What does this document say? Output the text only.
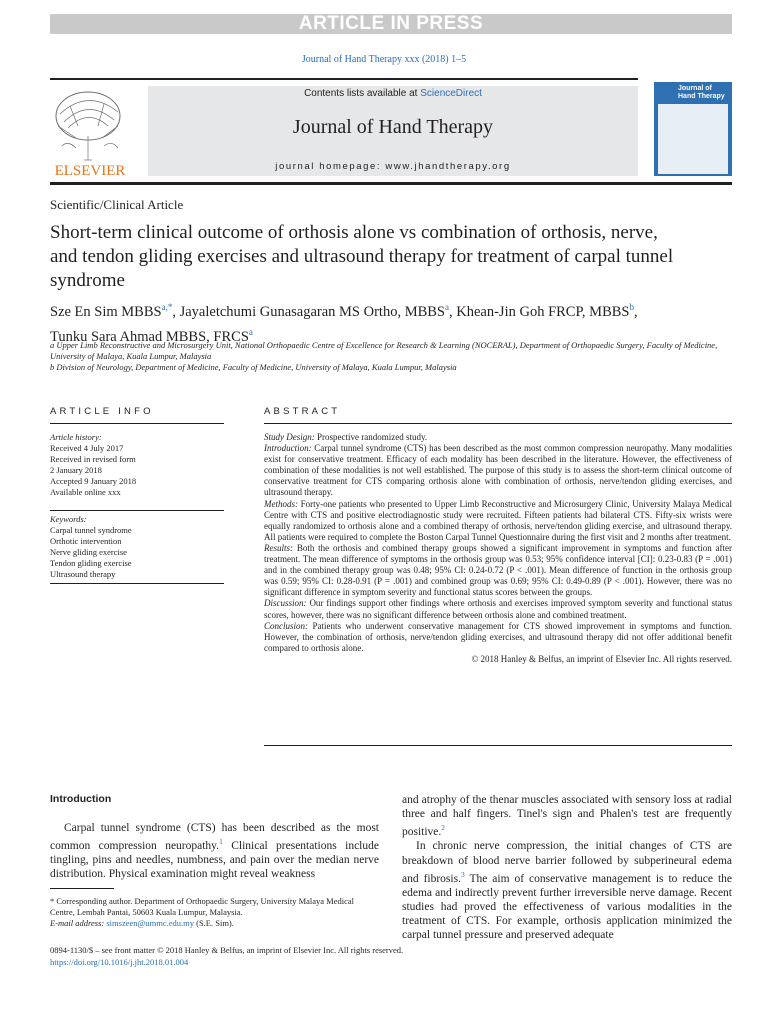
ARTICLE IN PRESS
Journal of Hand Therapy xxx (2018) 1–5
ELSEVIER
Contents lists available at ScienceDirect
Journal of Hand Therapy
journal homepage: www.jhandtherapy.org
Journal of
Hand Therapy
Scientific/Clinical Article
Short-term clinical outcome of orthosis alone vs combination of orthosis, nerve, and tendon gliding exercises and ultrasound therapy for treatment of carpal tunnel syndrome
Sze En Sim $MBBS^{a,*}$, Jayaletchumi Gunasagaran MS Ortho, MBBS$^a$, Khean-Jin Goh FRCP, MBBS$^b$,
Tunku Sara Ahmad MBBS, FRCS$^a$

a Upper Limb Reconstructive and Microsurgery Unit, National Orthopaedic Centre of Excellence for Research & Learning (NOCERAL), Department of Orthopaedic Surgery, Faculty of Medicine, University of Malaya, Kuala Lumpur, Malaysia

b Division of Neurology, Department of Medicine, Faculty of Medicine, University of Malaya, Kuala Lumpur, Malaysia

ARTICLE INFO	ABSTRACT
Article history:
Received 4 July 2017
Received in revised form
2 January 2018
Accepted 9 January 2018
Available online xxx
Keywords:
Carpal tunnel syndrome
Orthotic intervention
Nerve gliding exercise
Tendon gliding exercise
Ultrasound therapy

Study Design: Prospective randomized study.

Introduction: Carpal tunnel syndrome (CTS) has been described as the most common compression neuropathy. Many modalities exist for conservative treatment. Efficacy of each modality has been described in the literature. However, the effectiveness of combination of these modalities is not well established. The purpose of this study is to assess the short-term clinical outcome of conservative treatment for CTS comparing orthosis alone with combination of orthosis, nerve/tendon gliding exercises, and ultrasound therapy.

Methods: Forty-one patients who presented to Upper Limb Reconstructive and Microsurgery Clinic, University Malaya Medical Centre with CTS and positive electrodiagnostic study were recruited. Fifteen patients had bilateral CTS. Fifty-six wrists were equally randomized to orthosis alone and a combined therapy of orthosis, nerve/tendon gliding exercise, and ultrasound therapy. All patients were required to complete the Boston Carpal Tunnel Questionnaire during the first visit and 2 months after treatment.

Results: Both the orthosis and combined therapy groups showed a significant improvement in symptoms and function after treatment. The mean difference of symptoms in the orthosis group was 0.53; 95% confidence interval [CI]: 0.23-0.83 (P = .001) and in the combined therapy group was 0.48; 95% CI: 0.24-0.72 (P < .001). Mean difference of function in the orthosis group was 0.59; 95% CI: 0.28-0.91 (P = .001) and combined group was 0.69; 95% CI: 0.49-0.89 (P < .001). However, there was no significant difference in symptom severity and functional status scores between the groups.

Discussion: Our findings support other findings where orthosis and exercises improved symptom severity and functional status scores, however, there was no significant difference between orthosis alone and combined treatment.

Conclusion: Patients who underwent conservative management for CTS showed improvement in symptoms and function. However, the combination of orthosis, nerve/tendon gliding exercises, and ultrasound therapy did not offer additional benefit compared to orthosis alone.

© 2018 Hanley & Belfus, an imprint of Elsevier Inc. All rights reserved.

Introduction

Carpal tunnel syndrome (CTS) has been described as the most common compression neuropathy.$^1$ Clinical presentations include tingling, pins and needles, numbness, and pain over the median nerve distribution. Physical examination might reveal weakness

and atrophy of the thenar muscles associated with sensory loss at radial three and half fingers. Tinel's sign and Phalen's test are frequently positive.$^2$

In chronic nerve compression, the initial changes of CTS are breakdown of blood nerve barrier followed by subperineural edema and fibrosis.$^3$ The aim of conservative management is to reduce the edema and indirectly prevent further irreversible nerve damage. Recent studies had proved the effectiveness of various modalities in the treatment of CTS. For example, orthosis application minimized the carpal tunnel pressure and preserved adequate

* Corresponding author. Department of Orthopaedic Surgery, University Malaya Medical Centre, Lembah Pantai, 50603 Kuala Lumpur, Malaysia.
E-mail address: simszeen@ummc.edu.my (S.E. Sim).
0894-1130/$ – see front matter © 2018 Hanley & Belfus, an imprint of Elsevier Inc. All rights reserved.
https://doi.org/10.1016/j.jht.2018.01.004
